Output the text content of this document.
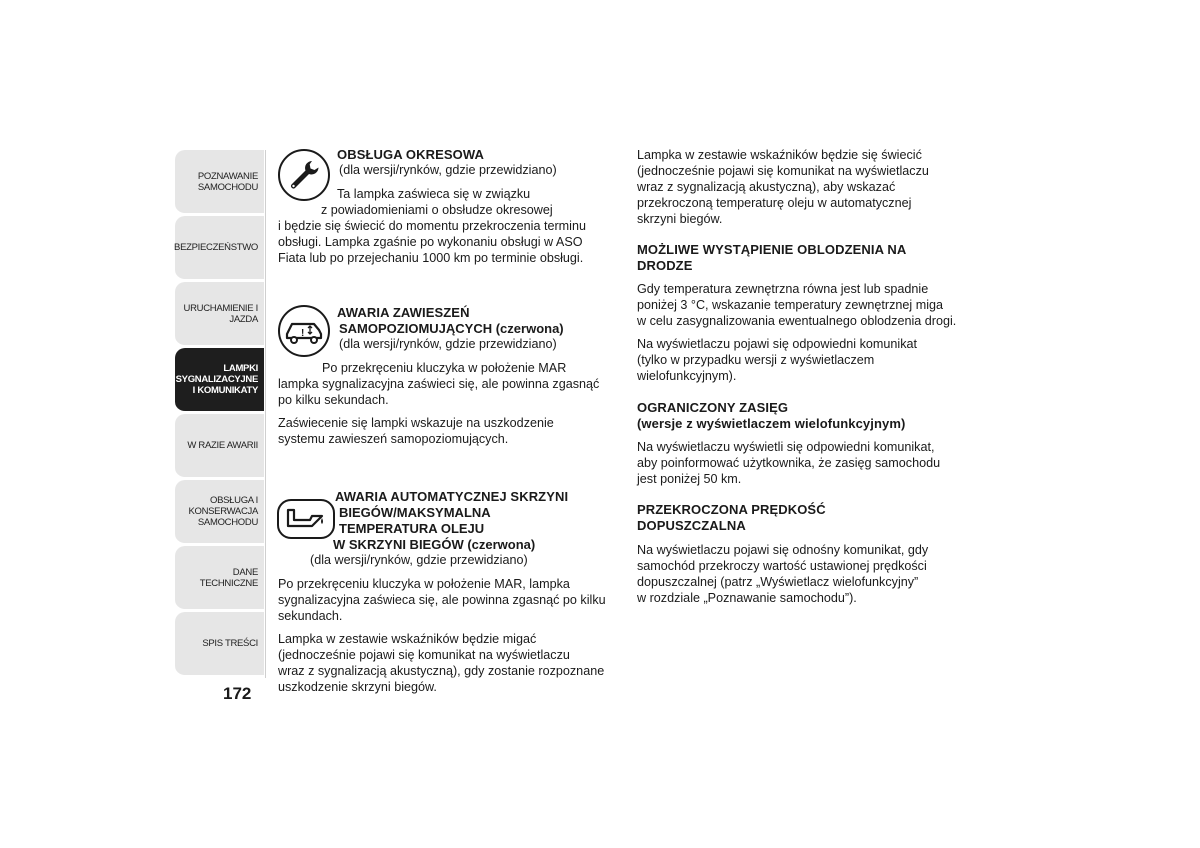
POZNAWANIE
SAMOCHODU
BEZPIECZEŃSTWO
URUCHAMIENIE I
JAZDA
LAMPKI
SYGNALIZACYJNE
I KOMUNIKATY
W RAZIE AWARII
OBSŁUGA I
KONSERWACJA
SAMOCHODU
DANE TECHNICZNE
SPIS TREŚCI
172
OBSŁUGA OKRESOWA
(dla wersji/rynków, gdzie przewidziano)
Ta lampka zaświeca się w związku
z powiadomieniami o obsłudze okresowej
i będzie się świecić do momentu przekroczenia terminu
obsługi. Lampka zgaśnie po wykonaniu obsługi w ASO
Fiata lub po przejechaniu 1000 km po terminie obsługi.
!
AWARIA ZAWIESZEŃ
SAMOPOZIOMUJĄCYCH (czerwona)
(dla wersji/rynków, gdzie przewidziano)
Po przekręceniu kluczyka w położenie MAR
lampka sygnalizacyjna zaświeci się, ale powinna zgasnąć
po kilku sekundach.
Zaświecenie się lampki wskazuje na uszkodzenie
systemu zawieszeń samopoziomujących.
AWARIA AUTOMATYCZNEJ SKRZYNI
BIEGÓW/MAKSYMALNA
TEMPERATURA OLEJU
W SKRZYNI BIEGÓW (czerwona)
(dla wersji/rynków, gdzie przewidziano)
Po przekręceniu kluczyka w położenie MAR, lampka
sygnalizacyjna zaświeca się, ale powinna zgasnąć po kilku
sekundach.
Lampka w zestawie wskaźników będzie migać
(jednocześnie pojawi się komunikat na wyświetlaczu
wraz z sygnalizacją akustyczną), gdy zostanie rozpoznane
uszkodzenie skrzyni biegów.
Lampka w zestawie wskaźników będzie się świecić
(jednocześnie pojawi się komunikat na wyświetlaczu
wraz z sygnalizacją akustyczną), aby wskazać
przekroczoną temperaturę oleju w automatycznej
skrzyni biegów.
MOŻLIWE WYSTĄPIENIE OBLODZENIA NA
DRODZE
Gdy temperatura zewnętrzna równa jest lub spadnie
poniżej 3 °C, wskazanie temperatury zewnętrznej miga
w celu zasygnalizowania ewentualnego oblodzenia drogi.
Na wyświetlaczu pojawi się odpowiedni komunikat
(tylko w przypadku wersji z wyświetlaczem
wielofunkcyjnym).
OGRANICZONY ZASIĘG
(wersje z wyświetlaczem wielofunkcyjnym)
Na wyświetlaczu wyświetli się odpowiedni komunikat,
aby poinformować użytkownika, że zasięg samochodu
jest poniżej 50 km.
PRZEKROCZONA PRĘDKOŚĆ
DOPUSZCZALNA
Na wyświetlaczu pojawi się odnośny komunikat, gdy
samochód przekroczy wartość ustawionej prędkości
dopuszczalnej (patrz „Wyświetlacz wielofunkcyjny”
w rozdziale „Poznawanie samochodu”).
